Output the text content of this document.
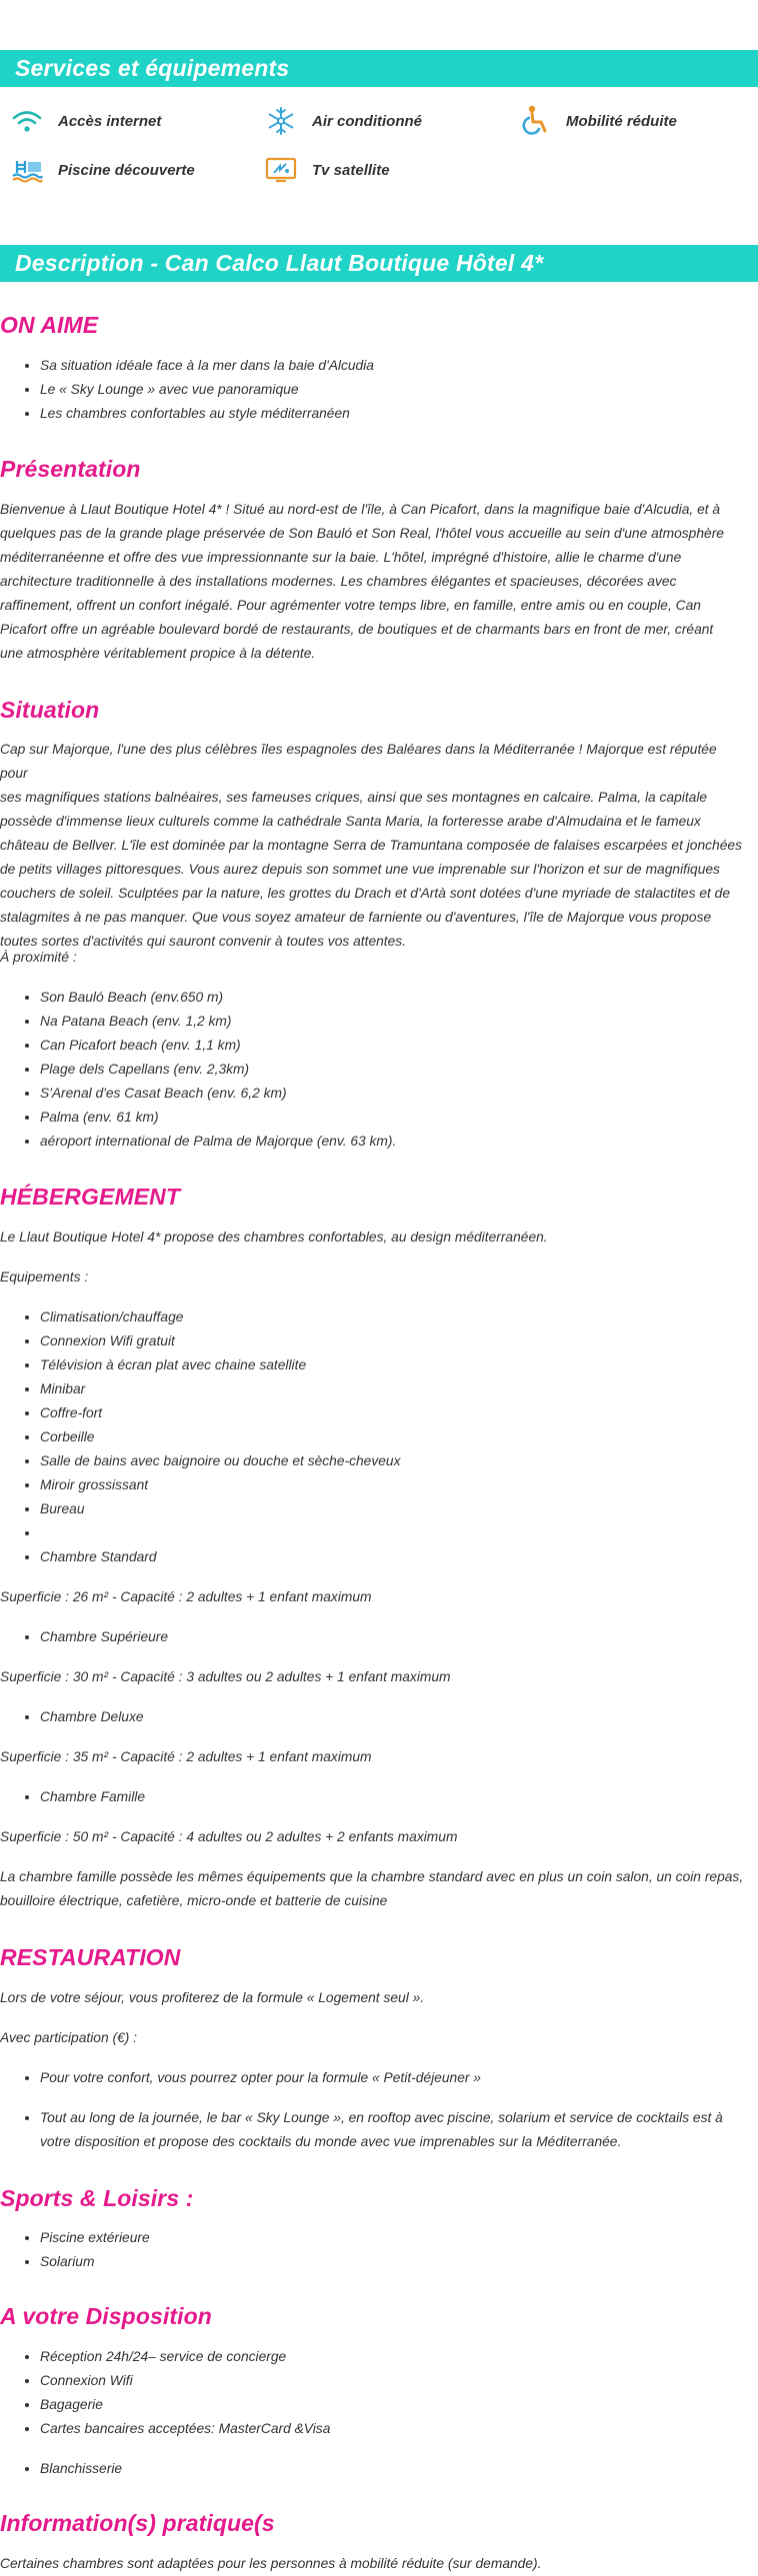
Services et équipements
Accès internet	Air conditionné	Mobilité réduite
Piscine découverte	Tv satellite
Description - Can Calco Llaut Boutique Hôtel 4*
ON AIME
• Sa situation idéale face à la mer dans la baie d'Alcudia
• Le « Sky Lounge » avec vue panoramique
• Les chambres confortables au style méditerranéen
Présentation

Bienvenue à Llaut Boutique Hotel 4* ! Situé au nord-est de l'île, à Can Picafort, dans la magnifique baie d'Alcudia, et à
quelques pas de la grande plage préservée de Son Bauló et Son Real, l'hôtel vous accueille au sein d'une atmosphère
méditerranéenne et offre des vue impressionnante sur la baie. L'hôtel, imprégné d'histoire, allie le charme d'une
architecture traditionnelle à des installations modernes. Les chambres élégantes et spacieuses, décorées avec
raffinement, offrent un confort inégalé. Pour agrémenter votre temps libre, en famille, entre amis ou en couple, Can
Picafort offre un agréable boulevard bordé de restaurants, de boutiques et de charmants bars en front de mer, créant
une atmosphère véritablement propice à la détente.

Situation

Cap sur Majorque, l'une des plus célèbres îles espagnoles des Baléares dans la Méditerranée ! Majorque est réputée pour
ses magnifiques stations balnéaires, ses fameuses criques, ainsi que ses montagnes en calcaire. Palma, la capitale
possède d'immense lieux culturels comme la cathédrale Santa Maria, la forteresse arabe d'Almudaina et le fameux
château de Bellver. L'île est dominée par la montagne Serra de Tramuntana composée de falaises escarpées et jonchées
de petits villages pittoresques. Vous aurez depuis son sommet une vue imprenable sur l'horizon et sur de magnifiques
couchers de soleil. Sculptées par la nature, les grottes du Drach et d'Artà sont dotées d'une myriade de stalactites et de
stalagmites à ne pas manquer. Que vous soyez amateur de farniente ou d'aventures, l'île de Majorque vous propose
toutes sortes d'activités qui sauront convenir à toutes vos attentes.

À proximité :

• Son Bauló Beach (env.650 m)
• Na Patana Beach (env. 1,2 km)
• Can Picafort beach (env. 1,1 km)
• Plage dels Capellans (env. 2,3km)
• S'Arenal d'es Casat Beach (env. 6,2 km)
• Palma (env. 61 km)
• aéroport international de Palma de Majorque (env. 63 km).
HÉBERGEMENT

Le Llaut Boutique Hotel 4* propose des chambres confortables, au design méditerranéen.

Equipements :

• Climatisation/chauffage
• Connexion Wifi gratuit
• Télévision à écran plat avec chaine satellite
• Minibar
• Coffre-fort
• Corbeille
• Salle de bains avec baignoire ou douche et sèche-cheveux
• Miroir grossissant
• Bureau
•
• Chambre Standard

Superficie : 26 m² - Capacité : 2 adultes + 1 enfant maximum

• Chambre Supérieure

Superficie : 30 m² - Capacité : 3 adultes ou 2 adultes + 1 enfant maximum

• Chambre Deluxe

Superficie : 35 m² - Capacité : 2 adultes + 1 enfant maximum

• Chambre Famille

Superficie : 50 m² - Capacité : 4 adultes ou 2 adultes + 2 enfants maximum

La chambre famille possède les mêmes équipements que la chambre standard avec en plus un coin salon, un coin repas,
bouilloire électrique, cafetière, micro-onde et batterie de cuisine

RESTAURATION

Lors de votre séjour, vous profiterez de la formule « Logement seul ».

Avec participation (€) :

• Pour votre confort, vous pourrez opter pour la formule « Petit-déjeuner »
• Tout au long de la journée, le bar « Sky Lounge », en rooftop avec piscine, solarium et service de cocktails est à
votre disposition et propose des cocktails du monde avec vue imprenables sur la Méditerranée.
Sports & Loisirs :
• Piscine extérieure
• Solarium
A votre Disposition
• Réception 24h/24– service de concierge
• Connexion Wifi
• Bagagerie
• Cartes bancaires acceptées: MasterCard &Visa
• Blanchisserie
Information(s) pratique(s

Certaines chambres sont adaptées pour les personnes à mobilité réduite (sur demande).
